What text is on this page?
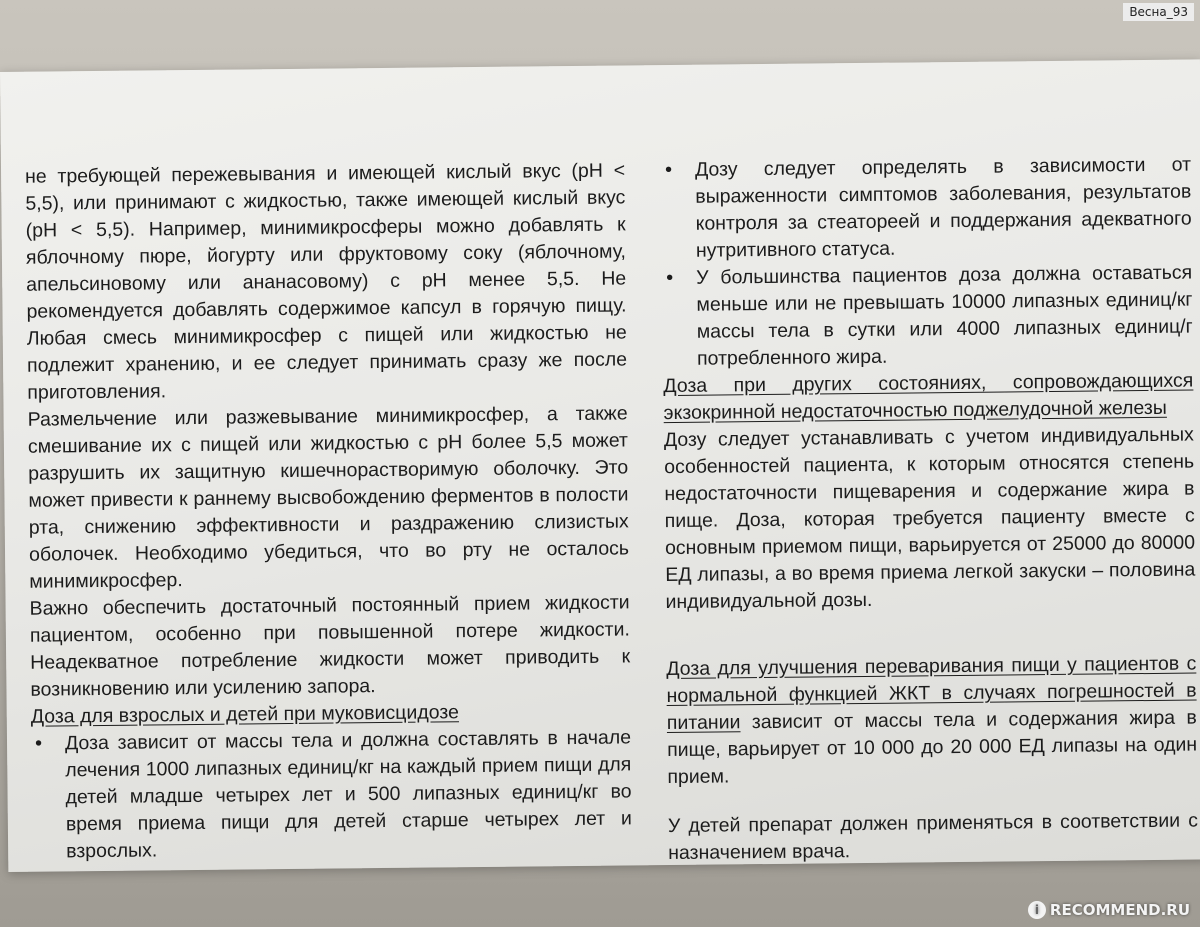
Весна_93

не требующей пережевывания и имеющей кислый вкус (pH < 5,5), или принимают с жидкостью, также имеющей кислый вкус (pH < 5,5). Например, минимикросферы можно добавлять к яблочному пюре, йогурту или фруктовому соку (яблочному, апельсиновому или ананасовому) с pH менее 5,5. Не рекомендуется добавлять содержимое капсул в горячую пищу. Любая смесь минимикросфер с пищей или жидкостью не подлежит хранению, и ее следует принимать сразу же после приготовления.

Размельчение или разжевывание минимикросфер, а также смешивание их с пищей или жидкостью с pH более 5,5 может разрушить их защитную кишечнорастворимую оболочку. Это может привести к раннему высвобождению ферментов в полости рта, снижению эффективности и раздражению слизистых оболочек. Необходимо убедиться, что во рту не осталось минимикросфер.

Важно обеспечить достаточный постоянный прием жидкости пациентом, особенно при повышенной потере жидкости. Неадекватное потребление жидкости может приводить к возникновению или усилению запора.

Доза для взрослых и детей при муковисцидозе

• Доза зависит от массы тела и должна составлять в начале лечения 1000 липазных единиц/кг на каждый прием пищи для детей младше четырех лет и 500 липазных единиц/кг во время приема пищи для детей старше четырех лет и взрослых.
• Дозу следует определять в зависимости от выраженности симптомов заболевания, результатов контроля за стеатореей и поддержания адекватного нутритивного статуса.
• У большинства пациентов доза должна оставаться меньше или не превышать 10000 липазных единиц/кг массы тела в сутки или 4000 липазных единиц/г потребленного жира.

Доза при других состояниях, сопровождающихся экзокринной недостаточностью поджелудочной железы

Дозу следует устанавливать с учетом индивидуальных особенностей пациента, к которым относятся степень недостаточности пищеварения и содержание жира в пище. Доза, которая требуется пациенту вместе с основным приемом пищи, варьируется от 25000 до 80000 ЕД липазы, а во время приема легкой закуски – половина индивидуальной дозы.

Доза для улучшения переваривания пищи у пациентов с нормальной функцией ЖКТ в случаях погрешностей в питании зависит от массы тела и содержания жира в пище, варьирует от 10 000 до 20 000 ЕД липазы на один прием.

У детей препарат должен применяться в соответствии с назначением врача.

i RECOMMEND.RU
